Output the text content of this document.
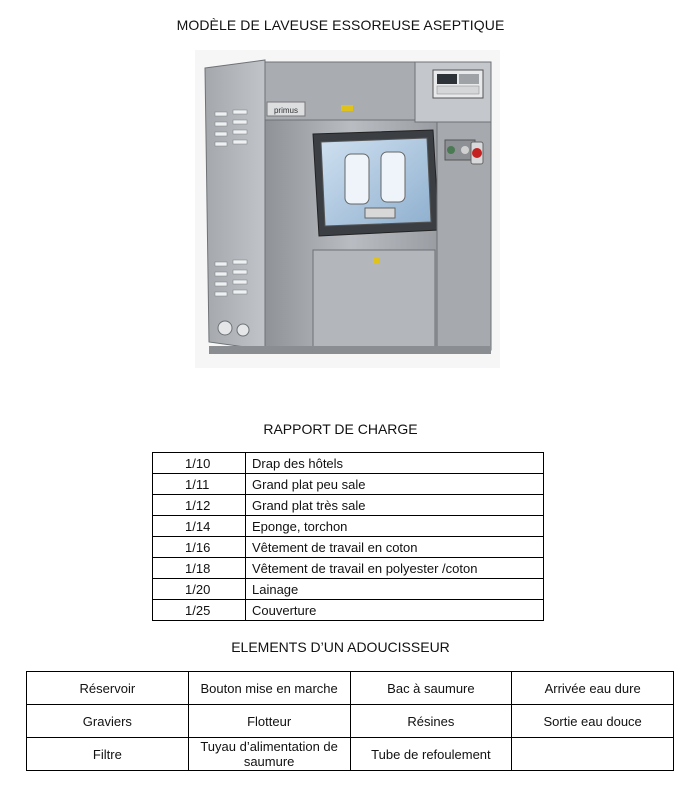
MODÈLE DE LAVEUSE ESSOREUSE ASEPTIQUE
primus
RAPPORT DE CHARGE
1/10	Drap des hôtels
1/11	Grand plat peu sale
1/12	Grand plat très sale
1/14	Eponge, torchon
1/16	Vêtement de travail en coton
1/18	Vêtement de travail en polyester /coton
1/20	Lainage
1/25	Couverture
ELEMENTS D’UN ADOUCISSEUR
Réservoir	Bouton mise en marche	Bac à saumure	Arrivée eau dure
Graviers	Flotteur	Résines	Sortie eau douce
Filtre	Tuyau d’alimentation de saumure	Tube de refoulement	
